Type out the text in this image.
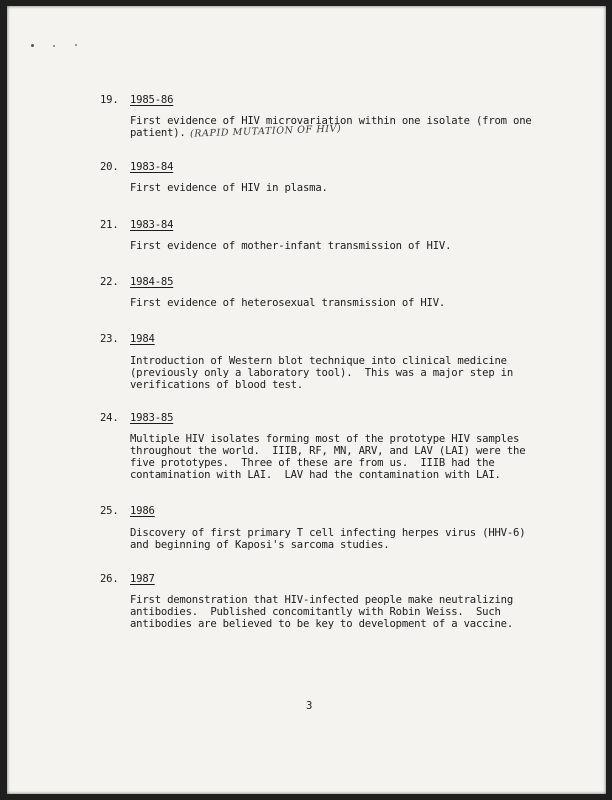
19. 1985-86
First evidence of HIV microvariation within one isolate (from one
patient). (RAPID MUTATION OF HIV)
20. 1983-84
First evidence of HIV in plasma.
21. 1983-84
First evidence of mother-infant transmission of HIV.
22. 1984-85
First evidence of heterosexual transmission of HIV.
23. 1984
Introduction of Western blot technique into clinical medicine
(previously only a laboratory tool).  This was a major step in
verifications of blood test.
24. 1983-85
Multiple HIV isolates forming most of the prototype HIV samples
throughout the world.  IIIB, RF, MN, ARV, and LAV (LAI) were the
five prototypes.  Three of these are from us.  IIIB had the
contamination with LAI.  LAV had the contamination with LAI.
25. 1986
Discovery of first primary T cell infecting herpes virus (HHV-6)
and beginning of Kaposi's sarcoma studies.
26. 1987
First demonstration that HIV-infected people make neutralizing
antibodies.  Published concomitantly with Robin Weiss.  Such
antibodies are believed to be key to development of a vaccine.
3
